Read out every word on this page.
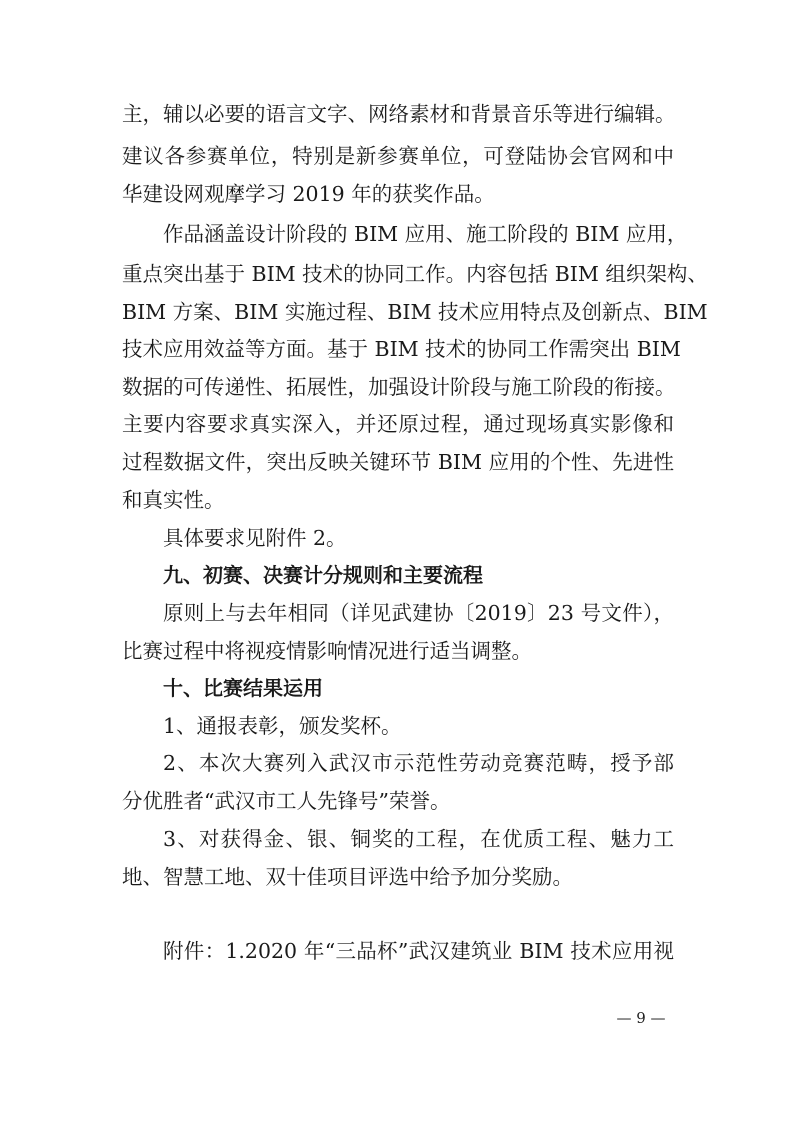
主，辅以必要的语言文字、网络素材和背景音乐等进行编辑。
建议各参赛单位，特别是新参赛单位，可登陆协会官网和中
华建设网观摩学习 2019 年的获奖作品。
作品涵盖设计阶段的 BIM 应用、施工阶段的 BIM 应用，
重点突出基于 BIM 技术的协同工作。内容包括 BIM 组织架构、
BIM 方案、BIM 实施过程、BIM 技术应用特点及创新点、BIM
技术应用效益等方面。基于 BIM 技术的协同工作需突出 BIM
数据的可传递性、拓展性，加强设计阶段与施工阶段的衔接。
主要内容要求真实深入，并还原过程，通过现场真实影像和
过程数据文件，突出反映关键环节 BIM 应用的个性、先进性
和真实性。
具体要求见附件 2。
九、初赛、决赛计分规则和主要流程
原则上与去年相同（详见武建协〔2019〕23 号文件），
比赛过程中将视疫情影响情况进行适当调整。
十、比赛结果运用
1、通报表彰，颁发奖杯。
2、本次大赛列入武汉市示范性劳动竞赛范畴，授予部
分优胜者“武汉市工人先锋号”荣誉。
3、对获得金、银、铜奖的工程，在优质工程、魅力工
地、智慧工地、双十佳项目评选中给予加分奖励。
附件：1.2020 年“三品杯”武汉建筑业 BIM 技术应用视
— 9 —
